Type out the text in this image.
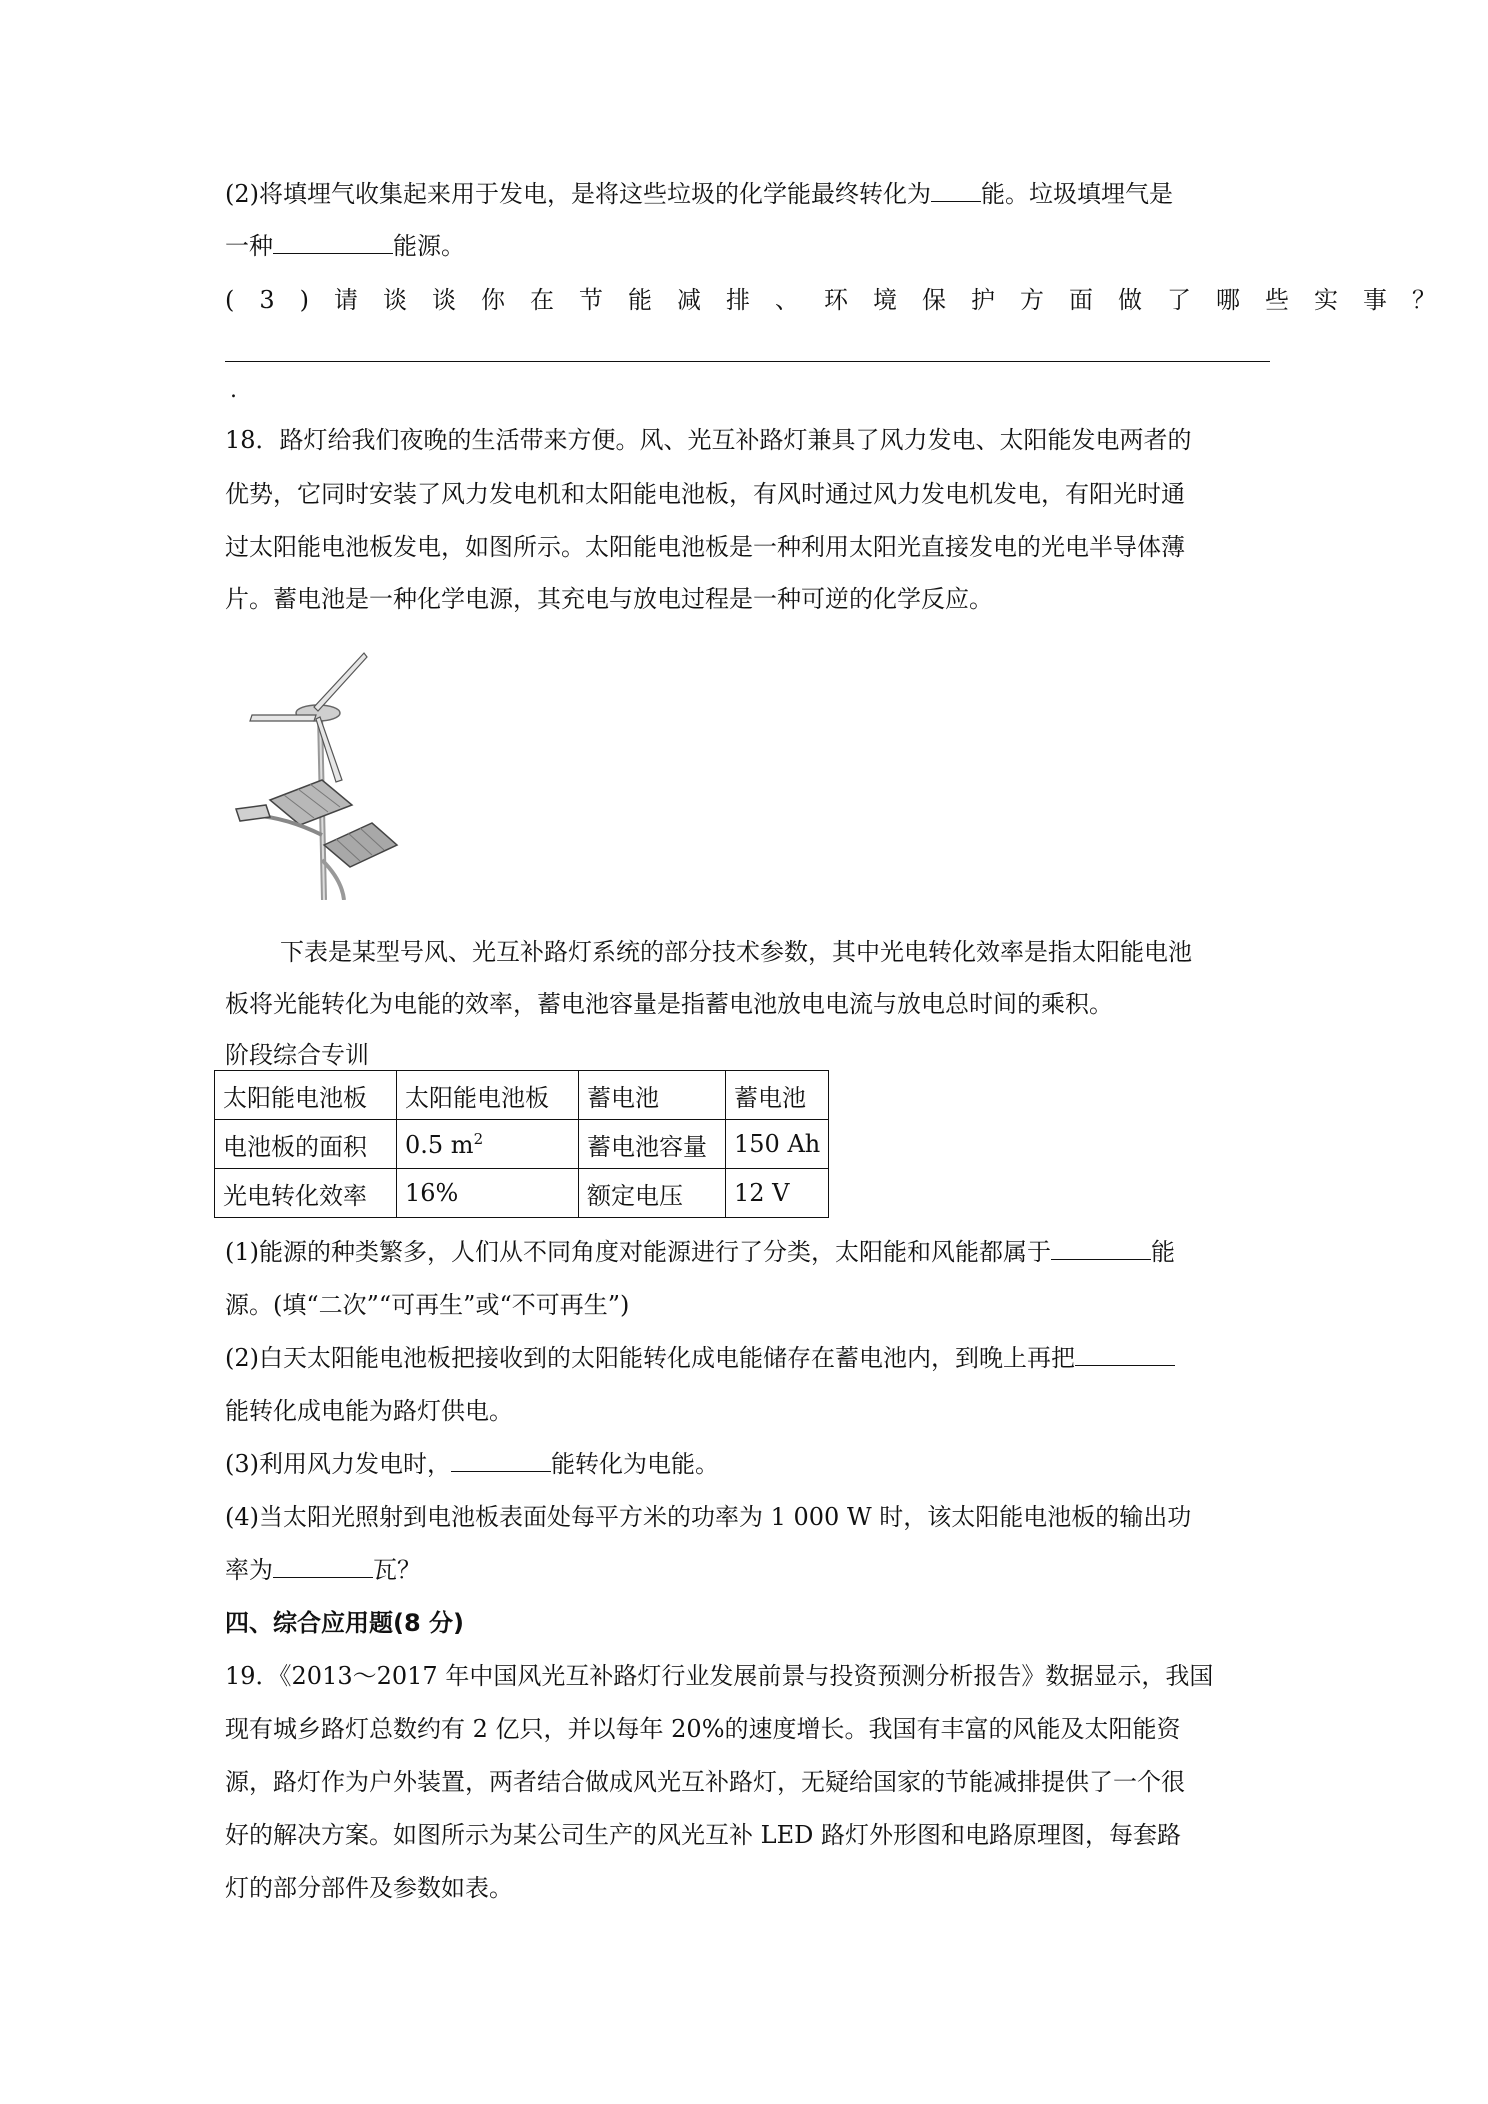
(2)将填埋气收集起来用于发电，是将这些垃圾的化学能最终转化为 能。垃圾填埋气是
一种	能源。
(3)请谈谈你在节能减排、环境保护方面做了哪些实事？
.
18．路灯给我们夜晚的生活带来方便。风、光互补路灯兼具了风力发电、太阳能发电两者的
优势，它同时安装了风力发电机和太阳能电池板，有风时通过风力发电机发电，有阳光时通
过太阳能电池板发电，如图所示。太阳能电池板是一种利用太阳光直接发电的光电半导体薄
片。蓄电池是一种化学电源，其充电与放电过程是一种可逆的化学反应。
下表是某型号风、光互补路灯系统的部分技术参数，其中光电转化效率是指太阳能电池
板将光能转化为电能的效率，蓄电池容量是指蓄电池放电电流与放电总时间的乘积。
阶段综合专训
太阳能电池板	太阳能电池板	蓄电池	蓄电池
电池板的面积	0.5 $m^2$	蓄电池容量	150 Ah
光电转化效率	16%	额定电压	12 V
(1)能源的种类繁多，人们从不同角度对能源进行了分类，太阳能和风能都属于	能
源。(填“二次”“可再生”或“不可再生”)
(2)白天太阳能电池板把接收到的太阳能转化成电能储存在蓄电池内，到晚上再把
能转化成电能为路灯供电。
(3)利用风力发电时，	能转化为电能。
(4)当太阳光照射到电池板表面处每平方米的功率为 1 000 W 时，该太阳能电池板的输出功
率为	瓦？
四、综合应用题(8 分)
19．《2013～2017 年中国风光互补路灯行业发展前景与投资预测分析报告》数据显示，我国
现有城乡路灯总数约有 2 亿只，并以每年 20%的速度增长。我国有丰富的风能及太阳能资
源，路灯作为户外装置，两者结合做成风光互补路灯，无疑给国家的节能减排提供了一个很
好的解决方案。如图所示为某公司生产的风光互补 LED 路灯外形图和电路原理图，每套路
灯的部分部件及参数如表。
